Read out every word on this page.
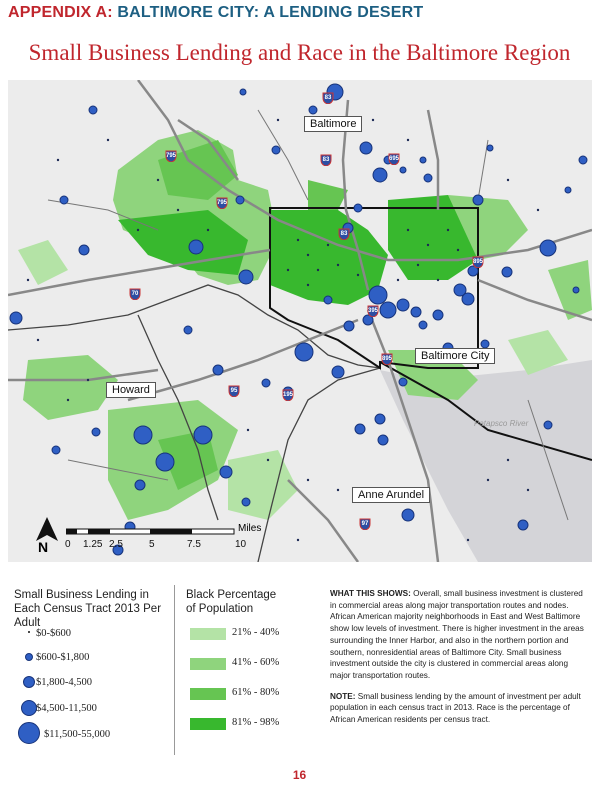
APPENDIX A: BALTIMORE CITY: A LENDING DESERT
Small Business Lending and Race in the Baltimore Region
Patapsco River
Baltimore
Baltimore City
Howard
Anne Arundel
83
795
83	695
795
83
895
70
395
895
95
195
97
N
Miles
0 1.25 2.5	5	7.5	10
Small Business Lending in Each Census Tract 2013 Per Adult
Black Percentage of Population
$0-$600
$600-$1,800
$1,800-4,500
$4,500-11,500
$11,500-55,000
21% - 40%
41% - 60%
61% - 80%
81% - 98%

WHAT THIS SHOWS: Overall, small business investment is clustered in commercial areas along major transportation routes and nodes. African American majority neighborhoods in East and West Baltimore show low levels of investment. There is higher investment in the areas surrounding the Inner Harbor, and also in the northern portion and southern, nonresidential areas of Baltimore City. Small business investment outside the city is clustered in commercial areas along major transportation routes.

NOTE: Small business lending by the amount of investment per adult population in each census tract in 2013. Race is the percentage of African American residents per census tract.

16
